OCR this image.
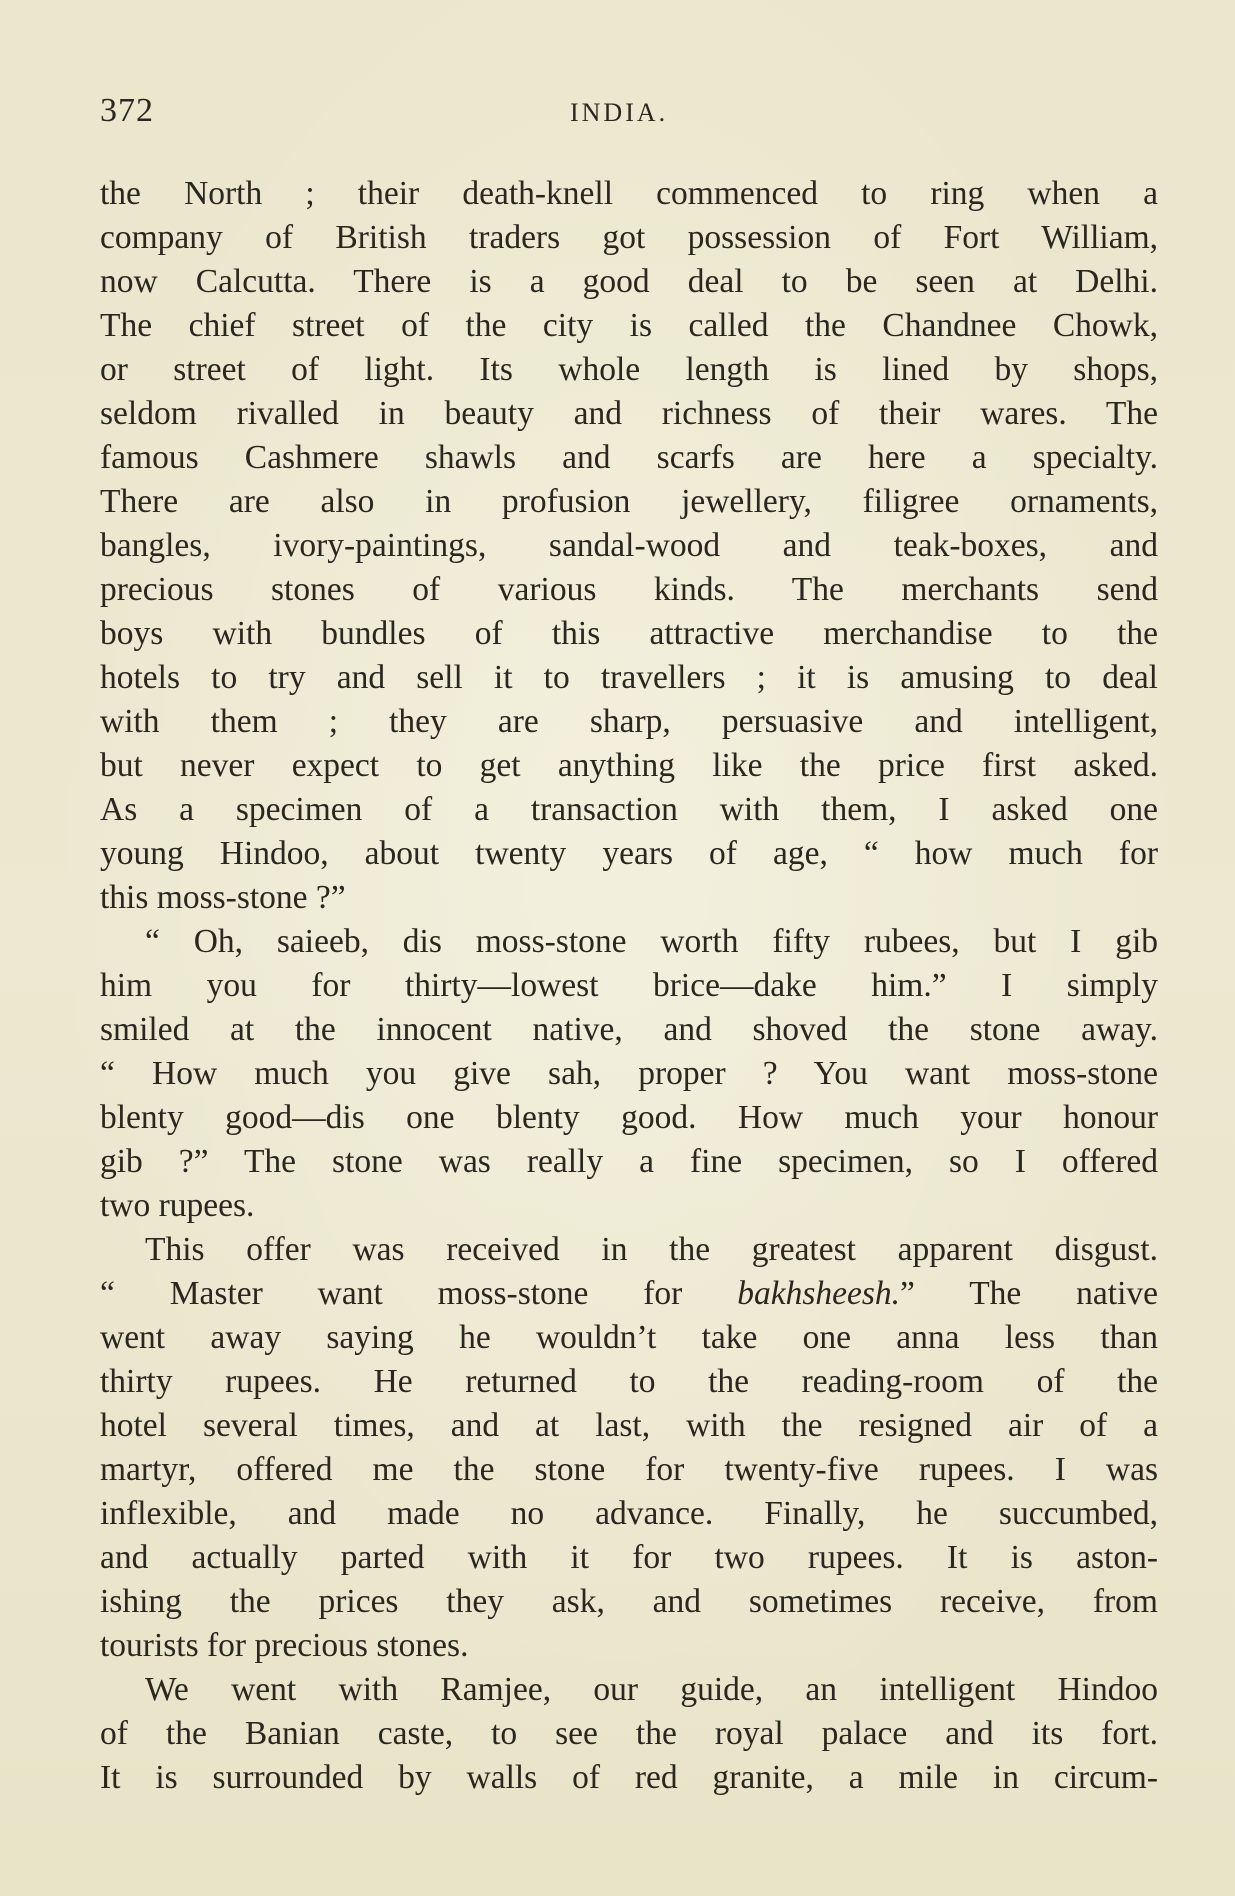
372	INDIA.
the North ; their death-knell commenced to ring when a
company of British traders got possession of Fort William,
now Calcutta. There is a good deal to be seen at Delhi.
The chief street of the city is called the Chandnee Chowk,
or street of light. Its whole length is lined by shops,
seldom rivalled in beauty and richness of their wares. The
famous Cashmere shawls and scarfs are here a specialty.
There are also in profusion jewellery, filigree ornaments,
bangles, ivory-paintings, sandal-wood and teak-boxes, and
precious stones of various kinds. The merchants send
boys with bundles of this attractive merchandise to the
hotels to try and sell it to travellers ; it is amusing to deal
with them ; they are sharp, persuasive and intelligent,
but never expect to get anything like the price first asked.
As a specimen of a transaction with them, I asked one
young Hindoo, about twenty years of age, “ how much for
this moss-stone ?”
“ Oh, saieeb, dis moss-stone worth fifty rubees, but I gib
him you for thirty—lowest brice—dake him.” I simply
smiled at the innocent native, and shoved the stone away.
“ How much you give sah, proper ? You want moss-stone
blenty good—dis one blenty good. How much your honour
gib ?” The stone was really a fine specimen, so I offered
two rupees.
This offer was received in the greatest apparent disgust.
“ Master want moss-stone for bakhsheesh.” The native
went away saying he wouldn’t take one anna less than
thirty rupees. He returned to the reading-room of the
hotel several times, and at last, with the resigned air of a
martyr, offered me the stone for twenty-five rupees. I was
inflexible, and made no advance. Finally, he succumbed,
and actually parted with it for two rupees. It is aston-
ishing the prices they ask, and sometimes receive, from
tourists for precious stones.
We went with Ramjee, our guide, an intelligent Hindoo
of the Banian caste, to see the royal palace and its fort.
It is surrounded by walls of red granite, a mile in circum-
